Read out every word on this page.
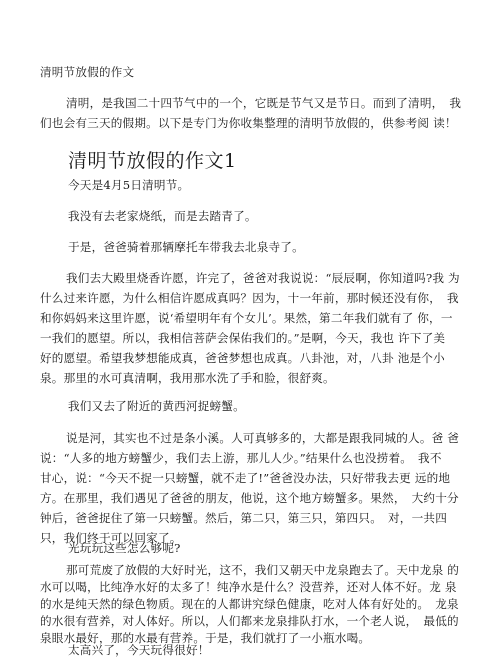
清明节放假的作文

清明，是我国二十四节气中的一个，它既是节气又是节日。而到了清明，　我
们也会有三天的假期。以下是专门为你收集整理的清明节放假的，供参考阅 读！

清明节放假的作文1

今天是4月5日清明节。

我没有去老家烧纸，而是去踏青了。

于是，爸爸骑着那辆摩托车带我去北泉寺了。

我们去大殿里烧香许愿，许完了，爸爸对我说说：“辰辰啊，你知道吗?我 为
什么过来许愿，为什么相信许愿成真吗？因为，十一年前，那时候还没有你，　我
和你妈妈来这里许愿，说‘希望明年有个女儿’。果然，第二年我们就有了 你，一
一我们的愿望。所以，我相信菩萨会保佑我们的。”是啊，今天，我也 许下了美
好的愿望。希望我梦想能成真，爸爸梦想也成真。八卦池，对，八卦 池是个小
泉。那里的水可真清啊，我用那水洗了手和脸，很舒爽。

我们又去了附近的黄西河捉螃蟹。

说是河，其实也不过是条小溪。人可真够多的，大都是跟我同城的人。爸 爸
说：“人多的地方螃蟹少，我们去上游，那儿人少。”结果什么也没捞着。　我不
甘心，说：“今天不捉一只螃蟹，就不走了!”爸爸没办法，只好带我去更 远的地
方。在那里，我们遇见了爸爸的朋友，他说，这个地方螃蟹多。果然，　大约十分
钟后，爸爸捉住了第一只螃蟹。然后，第二只，第三只，第四只。　对，一共四
只，我们终于可以回家了。

光玩玩这些怎么够呢?

那可荒废了放假的大好时光，这不，我们又朝天中龙泉跑去了。天中龙泉 的
水可以喝，比纯净水好的太多了！纯净水是什么？没营养，还对人体不好。龙 泉
的水是纯天然的绿色物质。现在的人都讲究绿色健康，吃对人体有好处的。　龙泉
的水很有营养，对人体好。所以，人们都来龙泉排队打水，一个老人说，　最低的
泉眼水最好，那的水最有营养。于是，我们就打了一小瓶水喝。

太高兴了，今天玩得很好！
